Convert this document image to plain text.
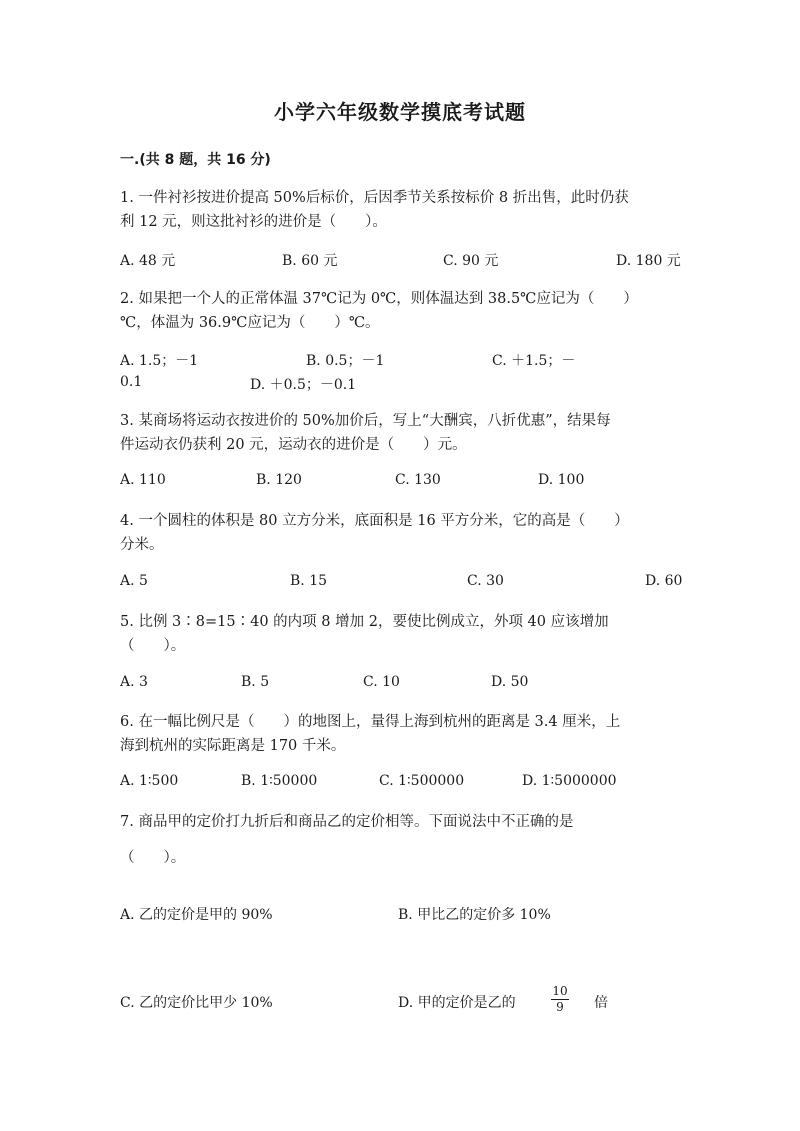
小学六年级数学摸底考试题
一.(共 8 题，共 16 分)
1. 一件衬衫按进价提高 50%后标价，后因季节关系按标价 8 折出售，此时仍获
利 12 元，则这批衬衫的进价是（　　）。
A. 48 元	B. 60 元	C. 90 元	D. 180 元
2. 如果把一个人的正常体温 37℃记为 0℃，则体温达到 38.5℃应记为（　　）
℃，体温为 36.9℃应记为（　　）℃。
A. 1.5；－1	B. 0.5；－1	C. ＋1.5；－
0.1	D. ＋0.5；－0.1
3. 某商场将运动衣按进价的 50%加价后，写上“大酬宾，八折优惠”，结果每
件运动衣仍获利 20 元，运动衣的进价是（　　）元。
A. 110	B. 120	C. 130	D. 100
4. 一个圆柱的体积是 80 立方分米，底面积是 16 平方分米，它的高是（　　）
分米。
A. 5	B. 15	C. 30	D. 60
5. 比例 3∶8=15∶40 的内项 8 增加 2，要使比例成立，外项 40 应该增加
（　　）。
A. 3	B. 5	C. 10	D. 50
6. 在一幅比例尺是（　　）的地图上，量得上海到杭州的距离是 3.4 厘米，上
海到杭州的实际距离是 170 千米。
A. 1∶500	B. 1∶50000	C. 1∶500000	D. 1∶5000000
7. 商品甲的定价打九折后和商品乙的定价相等。下面说法中不正确的是
（　　）。
A. 乙的定价是甲的 90%	B. 甲比乙的定价多 10%
C. 乙的定价比甲少 10%	D. 甲的定价是乙的	$\frac{10}{9}$ 倍
